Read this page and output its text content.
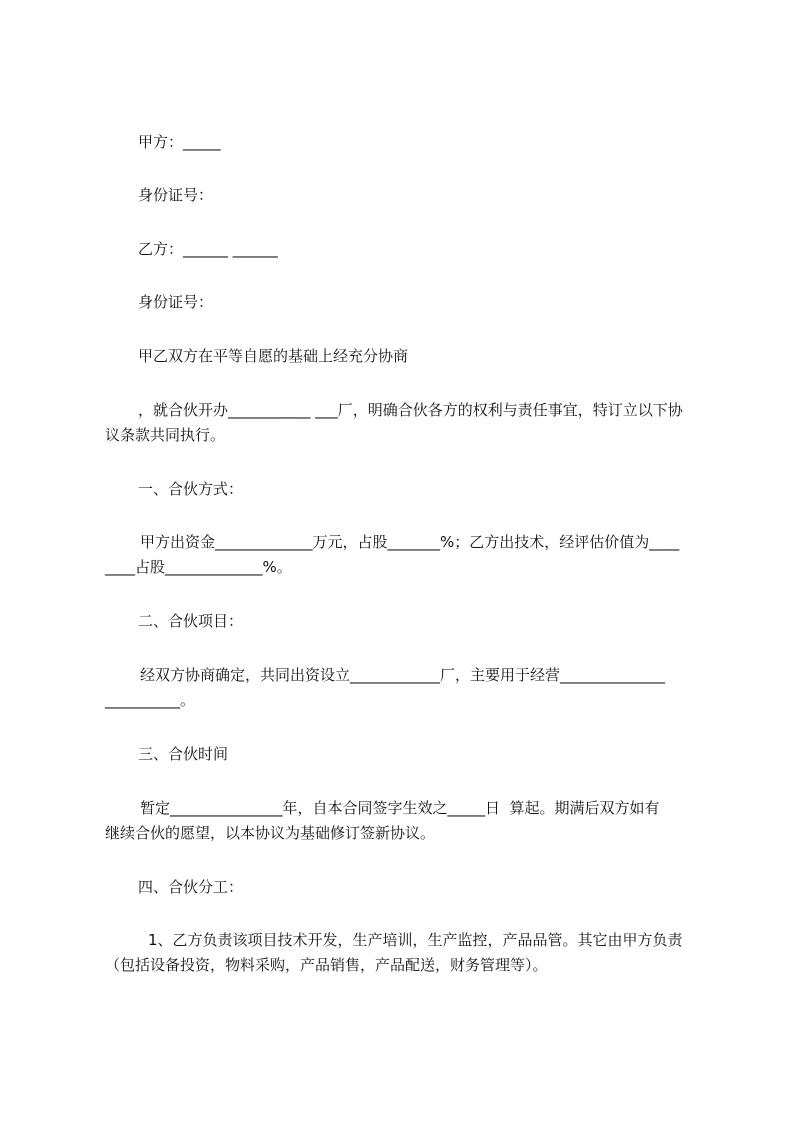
甲方：_____
身份证号：
乙方：______ ______
身份证号：
甲乙双方在平等自愿的基础上经充分协商
，就合伙开办___________ ___厂，明确合伙各方的权利与责任事宜，特订立以下协
议条款共同执行。
一、合伙方式：
甲方出资金_____________万元，占股_______%；乙方出技术，经评估价值为____
____占股_____________%。
二、合伙项目：
经双方协商确定，共同出资设立____________厂，主要用于经营______________
__________。
三、合伙时间
暂定_______________年，自本合同签字生效之_____日  算起。期满后双方如有
继续合伙的愿望，以本协议为基础修订签新协议。
四、合伙分工：
1、乙方负责该项目技术开发，生产培训，生产监控，产品品管。其它由甲方负责
（包括设备投资，物料采购，产品销售，产品配送，财务管理等）。
